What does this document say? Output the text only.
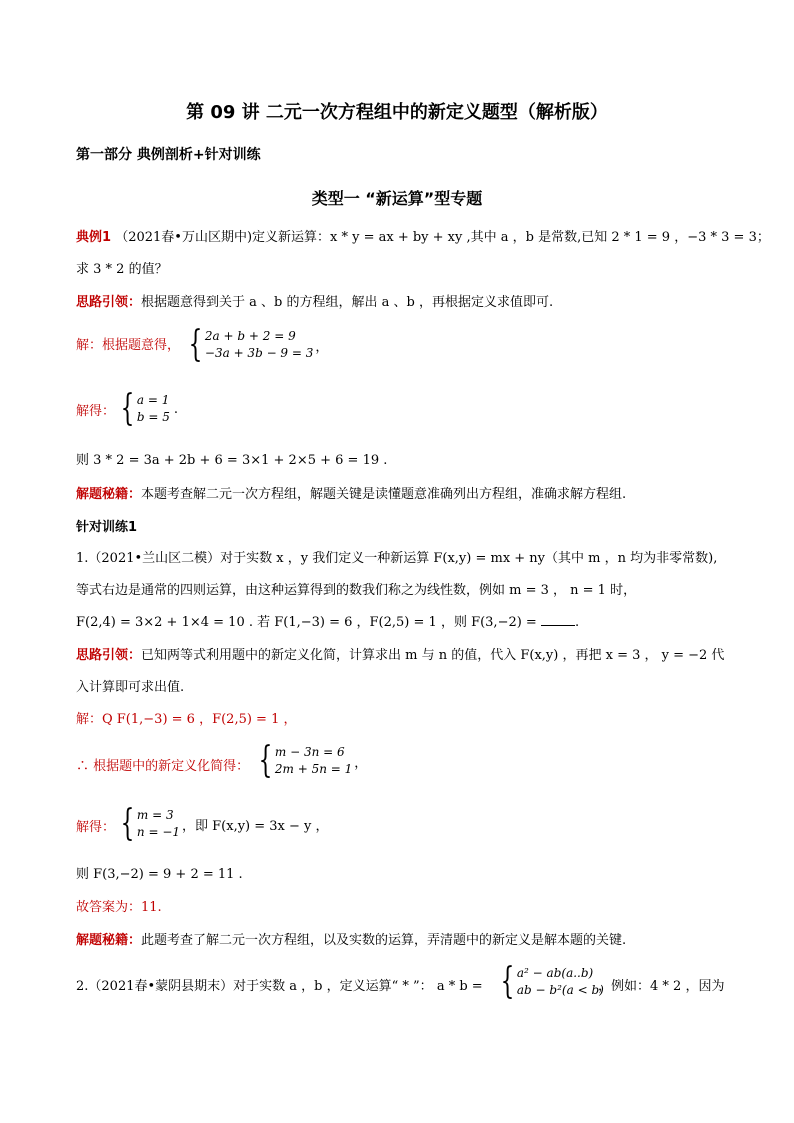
第 09 讲 二元一次方程组中的新定义题型（解析版）
第一部分 典例剖析+针对训练
类型一 “新运算”型专题
典例1 （2021春•万山区期中)定义新运算：x * y = ax + by + xy ,其中 a ，b 是常数,已知 2 * 1 = 9 ，−3 * 3 = 3；
求 3 * 2 的值？
思路引领：根据题意得到关于 a 、b 的方程组，解出 a 、b ，再根据定义求值即可.
解：根据题意得， { 2a + b + 2 = 9
−3a + 3b − 9 = 3 ，
解得： { a = 1
b = 5
.
则 3 * 2 = 3a + 2b + 6 = 3×1 + 2×5 + 6 = 19 .
解题秘籍：本题考查解二元一次方程组，解题关键是读懂题意准确列出方程组，准确求解方程组.
针对训练1
1.（2021•兰山区二模）对于实数 x ，y 我们定义一种新运算 F(x,y) = mx + ny（其中 m ，n 均为非零常数),
等式右边是通常的四则运算，由这种运算得到的数我们称之为线性数，例如 m = 3 ， n = 1 时，
F(2,4) = 3×2 + 1×4 = 10 . 若 F(1,−3) = 6 ，F(2,5) = 1 ，则 F(3,−2) =	.
思路引领：已知两等式利用题中的新定义化简，计算求出 m 与 n 的值，代入 F(x,y) ，再把 x = 3 ， y = −2 代
入计算即可求出值.
解：Q F(1,−3) = 6 ，F(2,5) = 1 ，
∴ 根据题中的新定义化简得： { m − 3n = 6
2m + 5n = 1 ，
解得： { m = 3
n = −1 ，即 F(x,y) = 3x − y ，
则 F(3,−2) = 9 + 2 = 11 .
故答案为：11.
解题秘籍：此题考查了解二元一次方程组，以及实数的运算，弄清题中的新定义是解本题的关键.
2.（2021春•蒙阴县期末）对于实数 a ，b ，定义运算“ * ”： a * b = { a² − ab(a..b)
ab − b²(a < b)
，例如：4 * 2 ，因为
